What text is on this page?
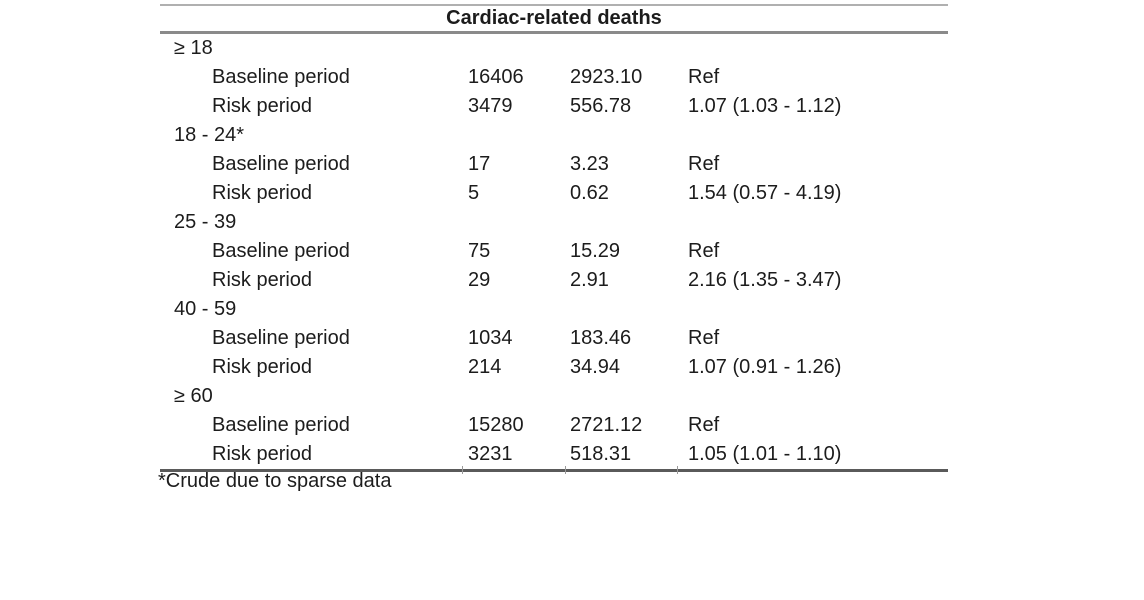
Cardiac-related deaths
≥ 18
Baseline period	16406	2923.10	Ref
Risk period	3479	556.78	1.07 (1.03 - 1.12)
18 - 24*
Baseline period	17	3.23	Ref
Risk period	5	0.62	1.54 (0.57 - 4.19)
25 - 39
Baseline period	75	15.29	Ref
Risk period	29	2.91	2.16 (1.35 - 3.47)
40 - 59
Baseline period	1034	183.46	Ref
Risk period	214	34.94	1.07 (0.91 - 1.26)
≥ 60
Baseline period	15280	2721.12	Ref
Risk period	3231	518.31	1.05 (1.01 - 1.10)
*Crude due to sparse data
